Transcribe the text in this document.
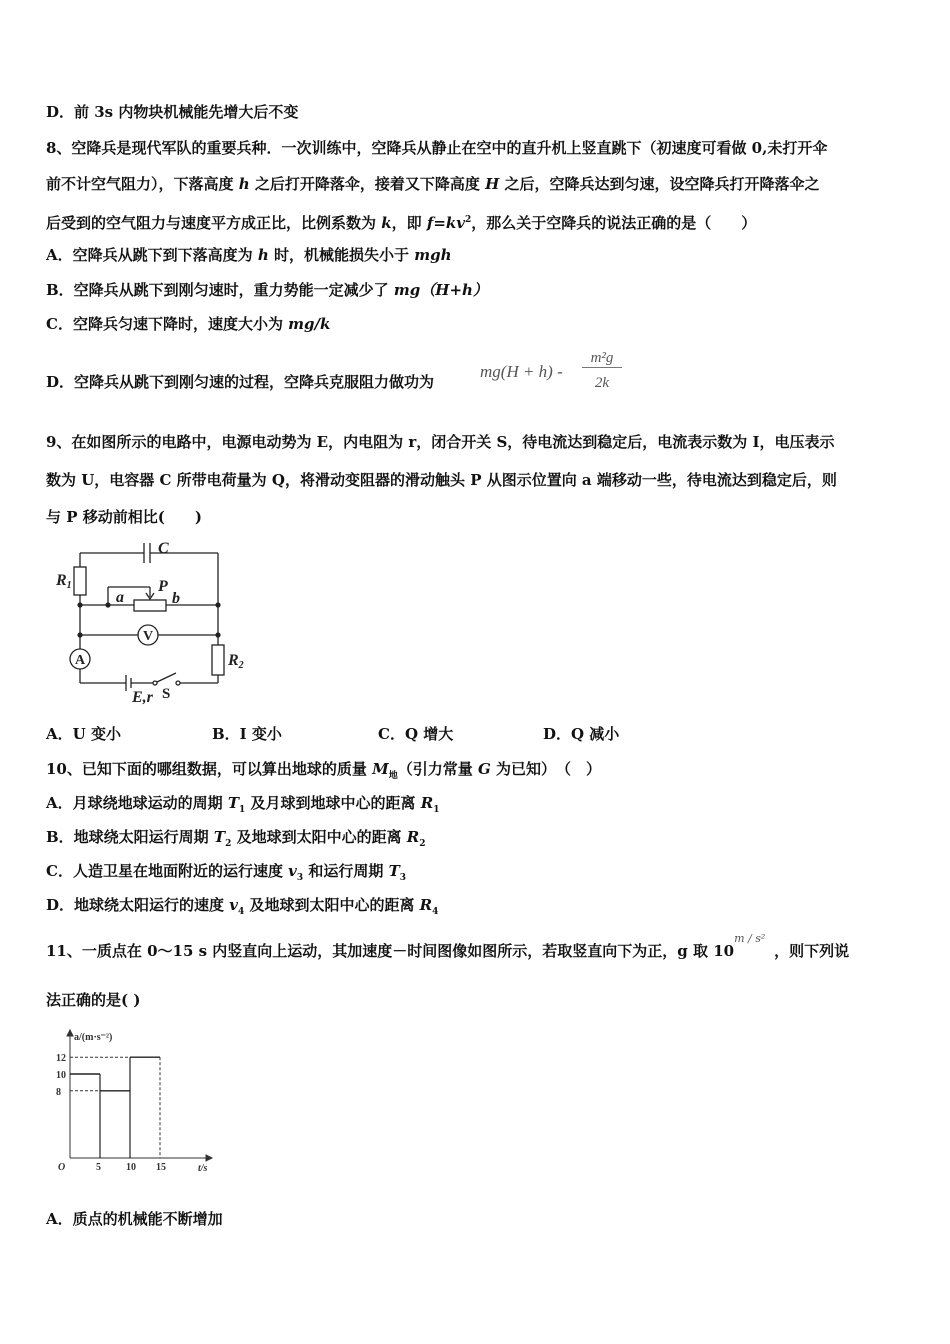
D．前 3s 内物块机械能先增大后不变
8、空降兵是现代军队的重要兵种．一次训练中，空降兵从静止在空中的直升机上竖直跳下（初速度可看做 0,未打开伞
前不计空气阻力），下落高度 h 之后打开降落伞，接着又下降高度 H 之后，空降兵达到匀速，设空降兵打开降落伞之
后受到的空气阻力与速度平方成正比，比例系数为 k，即 $f=kv^2$，那么关于空降兵的说法正确的是（　　）
A．空降兵从跳下到下落高度为 h 时，机械能损失小于 mgh
B．空降兵从跳下到刚匀速时，重力势能一定减少了 mg（H+h）
C．空降兵匀速下降时，速度大小为 mg/k
D．空降兵从跳下到刚匀速的过程，空降兵克服阻力做功为
mg(H + h) -
m²g
2k
9、在如图所示的电路中，电源电动势为 E，内电阻为 r，闭合开关 S，待电流达到稳定后，电流表示数为 I，电压表示
数为 U，电容器 C 所带电荷量为 Q，将滑动变阻器的滑动触头 P 从图示位置向 a 端移动一些，待电流达到稳定后，则
与 P 移动前相比(　　)
C
R1
a
P
b
R2
E,r
V
A
S
A．U 变小	B．I 变小	C．Q 增大	D．Q 减小
10、已知下面的哪组数据，可以算出地球的质量 $M_地$（引力常量 G 为已知）　（　）
A．月球绕地球运动的周期 $T_1$ 及月球到地球中心的距离 $R_1$
B．地球绕太阳运行周期 $T_2$ 及地球到太阳中心的距离 $R_2$
C．人造卫星在地面附近的运行速度 $v_3$ 和运行周期 $T_3$
D．地球绕太阳运行的速度 $v_4$ 及地球到太阳中心的距离 $R_4$
11、一质点在 0～15 s 内竖直向上运动，其加速度－时间图像如图所示，若取竖直向下为正，g 取 10m / s²，则下列说
法正确的是( )
a/(m·s⁻²)
t/s
O	5	10 15
8
10
12
A．质点的机械能不断增加
